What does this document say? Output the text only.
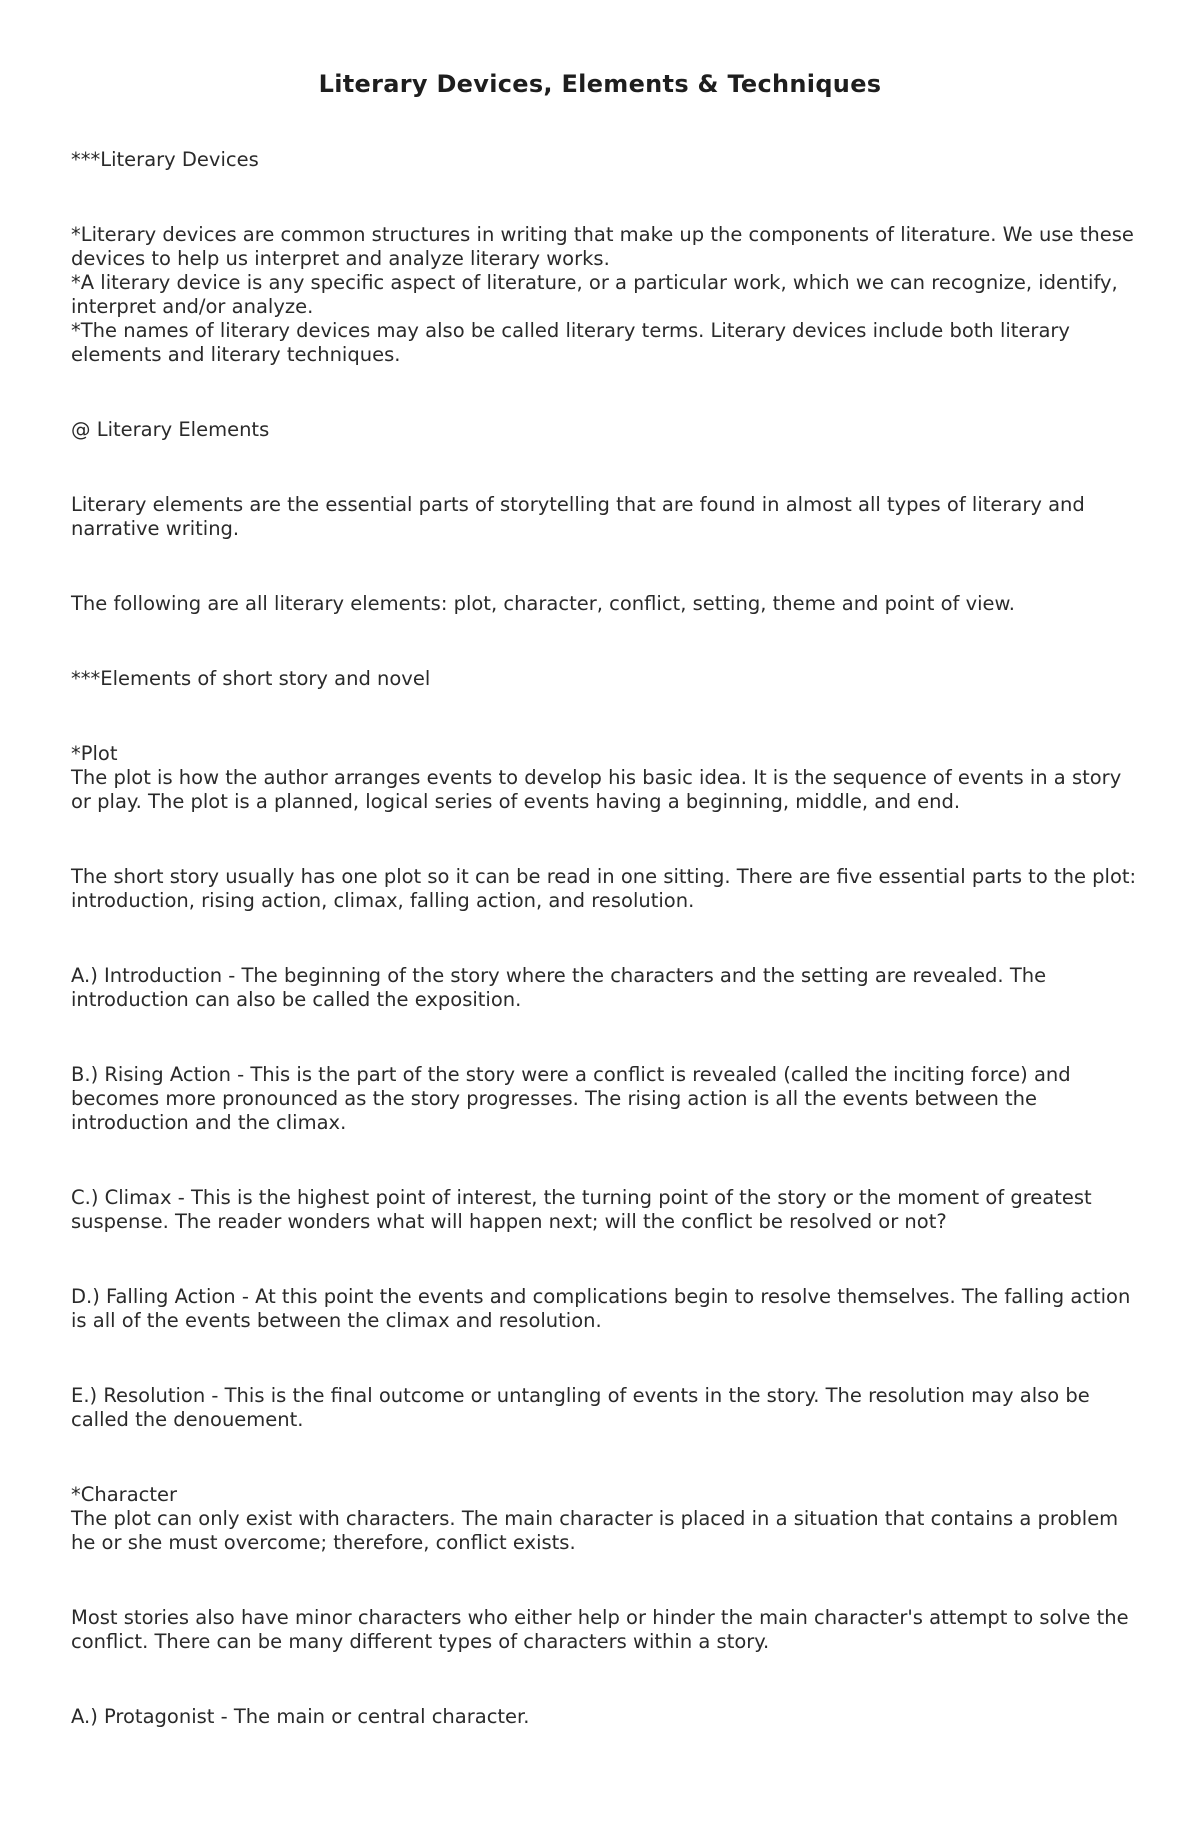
Literary Devices, Elements & Techniques

***Literary Devices

*Literary devices are common structures in writing that make up the components of literature. We use these devices to help us interpret and analyze literary works.
*A literary device is any specific aspect of literature, or a particular work, which we can recognize, identify, interpret and/or analyze.
*The names of literary devices may also be called literary terms. Literary devices include both literary elements and literary techniques.

@ Literary Elements

Literary elements are the essential parts of storytelling that are found in almost all types of literary and narrative writing.

The following are all literary elements: plot, character, conflict, setting, theme and point of view.

***Elements of short story and novel

*Plot
The plot is how the author arranges events to develop his basic idea. It is the sequence of events in a story or play. The plot is a planned, logical series of events having a beginning, middle, and end.

The short story usually has one plot so it can be read in one sitting. There are five essential parts to the plot: introduction, rising action, climax, falling action, and resolution.

A.) Introduction - The beginning of the story where the characters and the setting are revealed. The introduction can also be called the exposition.

B.) Rising Action - This is the part of the story were a conflict is revealed (called the inciting force) and becomes more pronounced as the story progresses. The rising action is all the events between the introduction and the climax.

C.) Climax - This is the highest point of interest, the turning point of the story or the moment of greatest suspense. The reader wonders what will happen next; will the conflict be resolved or not?

D.) Falling Action - At this point the events and complications begin to resolve themselves. The falling action is all of the events between the climax and resolution.

E.) Resolution - This is the final outcome or untangling of events in the story. The resolution may also be called the denouement.

*Character
The plot can only exist with characters. The main character is placed in a situation that contains a problem he or she must overcome; therefore, conflict exists.

Most stories also have minor characters who either help or hinder the main character's attempt to solve the conflict. There can be many different types of characters within a story.

A.) Protagonist - The main or central character.
